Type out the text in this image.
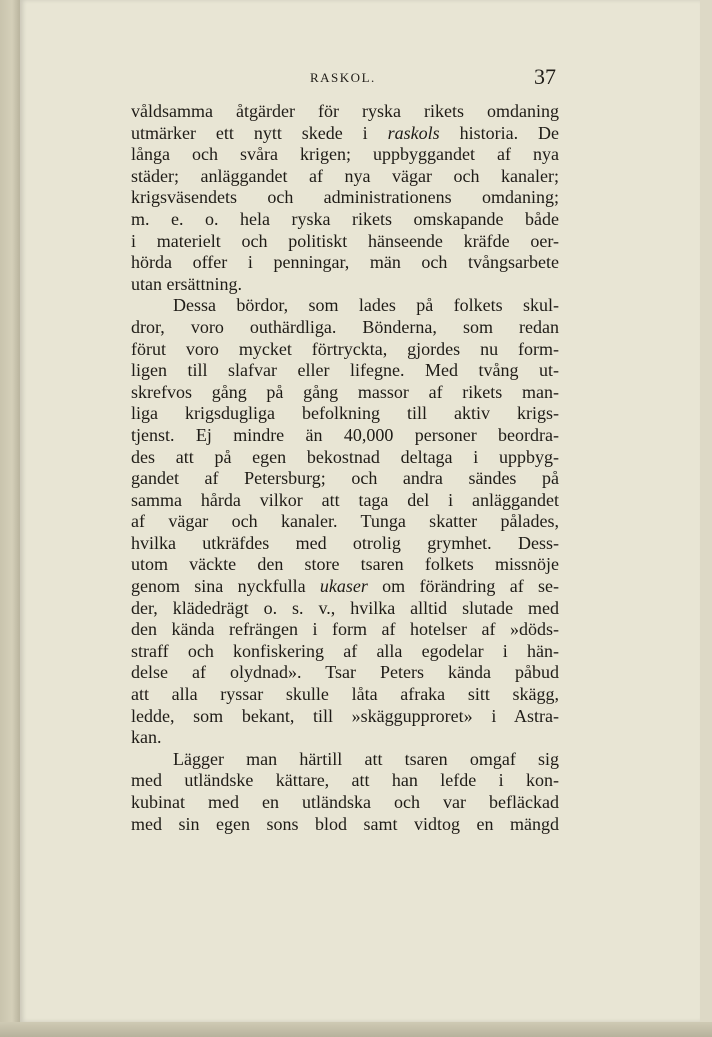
RASKOL.	37
våldsamma åtgärder för ryska rikets omdaning
utmärker ett nytt skede i raskols historia. De
långa och svåra krigen; uppbyggandet af nya
städer; anläggandet af nya vägar och kanaler;
krigsväsendets och administrationens omdaning;
m. e. o. hela ryska rikets omskapande både
i materielt och politiskt hänseende kräfde oer-
hörda offer i penningar, män och tvångsarbete
utan ersättning.
Dessa bördor, som lades på folkets skul-
dror, voro outhärdliga. Bönderna, som redan
förut voro mycket förtryckta, gjordes nu form-
ligen till slafvar eller lifegne. Med tvång ut-
skrefvos gång på gång massor af rikets man-
liga krigsdugliga befolkning till aktiv krigs-
tjenst. Ej mindre än 40,000 personer beordra-
des att på egen bekostnad deltaga i uppbyg-
gandet af Petersburg; och andra sändes på
samma hårda vilkor att taga del i anläggandet
af vägar och kanaler. Tunga skatter pålades,
hvilka utkräfdes med otrolig grymhet. Dess-
utom väckte den store tsaren folkets missnöje
genom sina nyckfulla ukaser om förändring af se-
der, klädedrägt o. s. v., hvilka alltid slutade med
den kända refrängen i form af hotelser af »döds-
straff och konfiskering af alla egodelar i hän-
delse af olydnad». Tsar Peters kända påbud
att alla ryssar skulle låta afraka sitt skägg,
ledde, som bekant, till »skäggupproret» i Astra-
kan.
Lägger man härtill att tsaren omgaf sig
med utländske kättare, att han lefde i kon-
kubinat med en utländska och var befläckad
med sin egen sons blod samt vidtog en mängd
